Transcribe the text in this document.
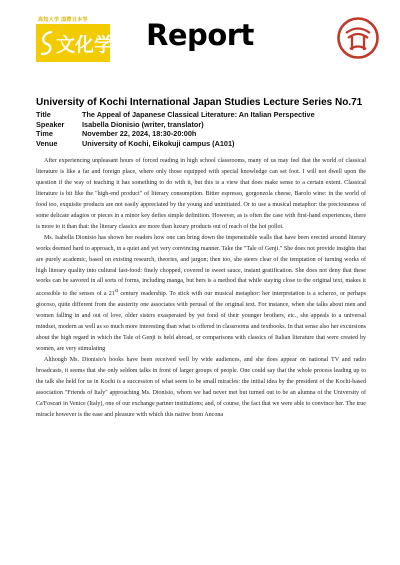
高知大学 国際日本学
文化学部 Report
University of Kochi International Japan Studies Lecture Series No.71
Title	The Appeal of Japanese Classical Literature: An Italian Perspective
Speaker	Isabella Dionisio (writer, translator)
Time	November 22, 2024, 18:30-20:00h
Venue	University of Kochi, Eikokuji campus (A101)

After experiencing unpleasant hours of forced reading in high school classrooms, many of us may feel that the world of classical literature is like a far and foreign place, where only those equipped with special knowledge can set foot. I will not dwell upon the question if the way of teaching it has something to do with it, but this is a view that does make sense to a certain extent. Classical literature is bit like the "high-end product" of literary consumption. Bitter espresso, gorgonzola cheese, Barolo wine: in the world of food too, exquisite products are not easily appreciated by the young and uninitiated. Or to use a musical metaphor: the preciousness of some delicate adagios or pieces in a minor key defies simple definition. However, as is often the case with first-hand experiences, there is more to it than that: the literary classics are more than luxury products out of reach of the hoi polloi.

Ms. Isabella Dionisio has shown her readers how one can bring down the impenetrable walls that have been erected around literary works deemed hard to approach, in a quiet and yet very convincing manner. Take the "Tale of Genji." She does not provide insights that are purely academic, based on existing research, theories, and jargon; then too, she steers clear of the temptation of turning works of high literary quality into cultural fast-food: finely chopped, covered in sweet sauce, instant gratification. She does not deny that these works can be savored in all sorts of forms, including manga, but hers is a method that while staying close to the original text, makes it accessible to the senses of a 21st century readership. To stick with our musical metaphor: her interpretation is a scherzo, or perhaps giocoso, quite different from the austerity one associates with perusal of the original text. For instance, when she talks about men and women falling in and out of love, older sisters exasperated by yet fond of their younger brothers, etc., she appeals to a universal mindset, modern as well as so much more interesting than what is offered in classrooms and textbooks. In that sense also her excursions about the high regard in which the Tale of Genji is held abroad, or comparisons with classics of Italian literature that were created by women, are very stimulating

Although Ms. Dionisio's books have been received well by wide audiences, and she does appear on national TV and radio broadcasts, it seems that she only seldom talks in front of larger groups of people. One could say that the whole process leading up to the talk she held for us in Kochi is a succession of what seem to be small miracles: the initial idea by the president of the Kochi-based association "Friends of Italy" approaching Ms. Dionisio, whom we had never met but turned out to be an alumna of the University of Ca'Foscari in Venice (Italy), one of our exchange partner institutions; and, of course, the fact that we were able to convince her. The true miracle however is the ease and pleasure with which this native from Ancona
